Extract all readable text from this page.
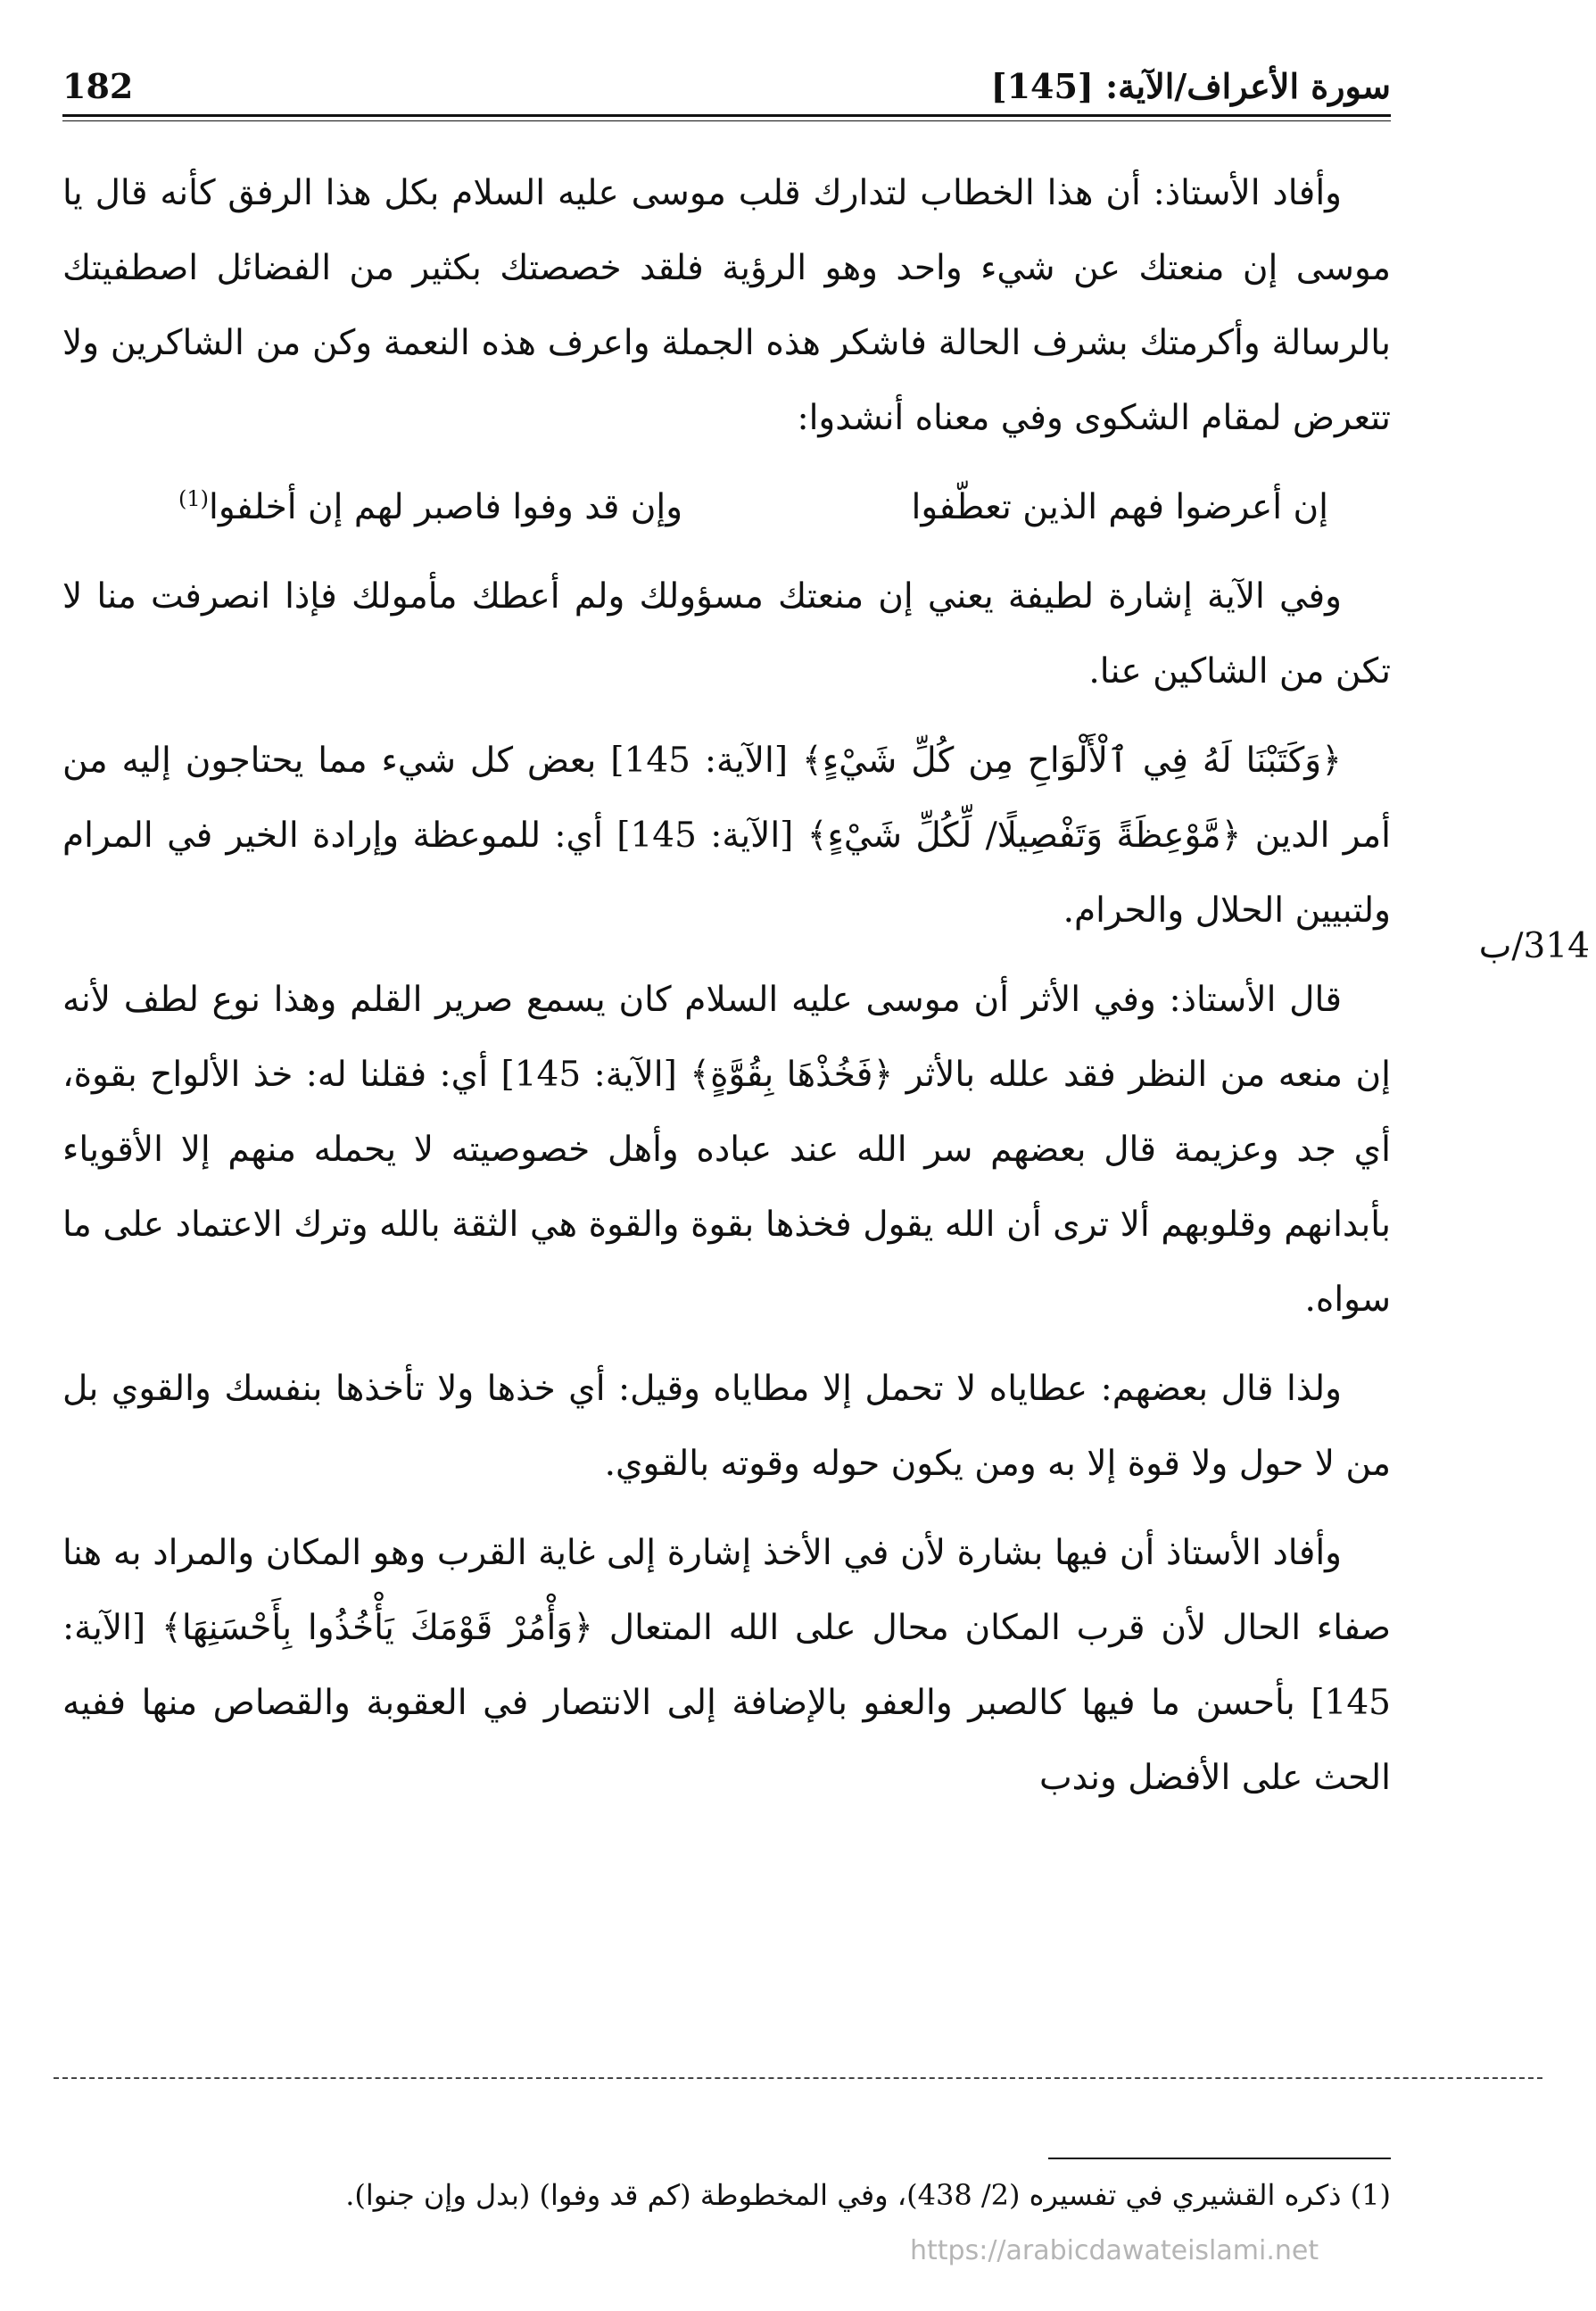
182	سورة الأعراف/الآية: [145]

وأفاد الأستاذ: أن هذا الخطاب لتدارك قلب موسى عليه السلام بكل هذا الرفق كأنه قال يا موسى إن منعتك عن شيء واحد وهو الرؤية فلقد خصصتك بكثير من الفضائل اصطفيتك بالرسالة وأكرمتك بشرف الحالة فاشكر هذه الجملة واعرف هذه النعمة وكن من الشاكرين ولا تتعرض لمقام الشكوى وفي معناه أنشدوا:

إن أعرضوا فهم الذين تعطّفوا
وإن قد وفوا فاصبر لهم إن أخلفوا$^{(1)}$

وفي الآية إشارة لطيفة يعني إن منعتك مسؤولك ولم أعطك مأمولك فإذا انصرفت منا لا تكن من الشاكين عنا.

﴿وَكَتَبْنَا لَهُ فِي ٱلْأَلْوَاحِ مِن كُلِّ شَيْءٍ﴾ [الآية: 145] بعض كل شيء مما يحتاجون إليه من أمر الدين ﴿مَّوْعِظَةً وَتَفْصِيلًا/ لِّكُلِّ شَيْءٍ﴾ [الآية: 145] أي: للموعظة وإرادة الخير في المرام ولتبيين الحلال والحرام.

قال الأستاذ: وفي الأثر أن موسى عليه السلام كان يسمع صرير القلم وهذا نوع لطف لأنه إن منعه من النظر فقد علله بالأثر ﴿فَخُذْهَا بِقُوَّةٍ﴾ [الآية: 145] أي: فقلنا له: خذ الألواح بقوة، أي جد وعزيمة قال بعضهم سر الله عند عباده وأهل خصوصيته لا يحمله منهم إلا الأقوياء بأبدانهم وقلوبهم ألا ترى أن الله يقول فخذها بقوة والقوة هي الثقة بالله وترك الاعتماد على ما سواه.

ولذا قال بعضهم: عطاياه لا تحمل إلا مطاياه وقيل: أي خذها ولا تأخذها بنفسك والقوي بل من لا حول ولا قوة إلا به ومن يكون حوله وقوته بالقوي.

وأفاد الأستاذ أن فيها بشارة لأن في الأخذ إشارة إلى غاية القرب وهو المكان والمراد به هنا صفاء الحال لأن قرب المكان محال على الله المتعال ﴿وَأْمُرْ قَوْمَكَ يَأْخُذُوا بِأَحْسَنِهَا﴾ [الآية: 145] بأحسن ما فيها كالصبر والعفو بالإضافة إلى الانتصار في العقوبة والقصاص منها ففيه الحث على الأفضل وندب

314/ب
(1) ذكره القشيري في تفسيره (2/ 438)، وفي المخطوطة (كم قد وفوا) (بدل وإن جنوا).
https://arabicdawateislami.net
